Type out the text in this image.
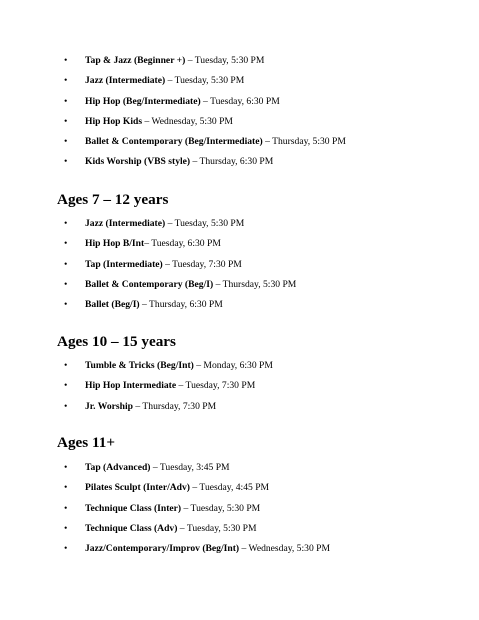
• Tap & Jazz (Beginner +) – Tuesday, 5:30 PM
• Jazz (Intermediate) – Tuesday, 5:30 PM
• Hip Hop (Beg/Intermediate) – Tuesday, 6:30 PM
• Hip Hop Kids – Wednesday, 5:30 PM
• Ballet & Contemporary (Beg/Intermediate) – Thursday, 5:30 PM
• Kids Worship (VBS style) – Thursday, 6:30 PM
Ages 7 – 12 years
• Jazz (Intermediate) – Tuesday, 5:30 PM
• Hip Hop B/Int– Tuesday, 6:30 PM
• Tap (Intermediate) – Tuesday, 7:30 PM
• Ballet & Contemporary (Beg/I) – Thursday, 5:30 PM
• Ballet (Beg/I) – Thursday, 6:30 PM
Ages 10 – 15 years
• Tumble & Tricks (Beg/Int) – Monday, 6:30 PM
• Hip Hop Intermediate – Tuesday, 7:30 PM
• Jr. Worship – Thursday, 7:30 PM
Ages 11+
• Tap (Advanced) – Tuesday, 3:45 PM
• Pilates Sculpt (Inter/Adv) – Tuesday, 4:45 PM
• Technique Class (Inter) – Tuesday, 5:30 PM
• Technique Class (Adv) – Tuesday, 5:30 PM
• Jazz/Contemporary/Improv (Beg/Int) – Wednesday, 5:30 PM
